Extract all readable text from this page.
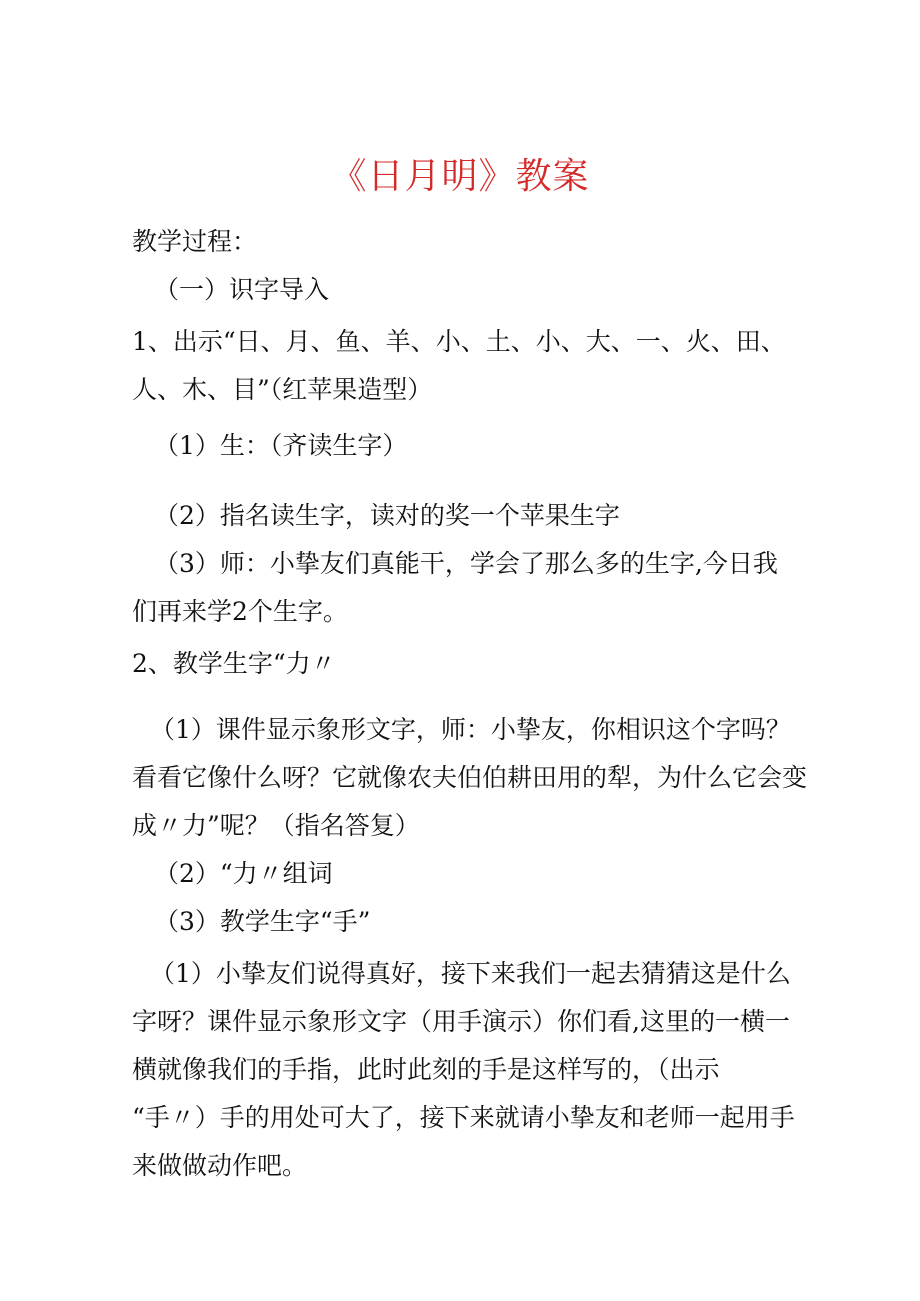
《日月明》教案
教学过程：
（一）识字导入
1、出示“日、月、鱼、羊、小、土、小、大、一、火、田、
人、木、目”（红苹果造型）
（1）生：（齐读生字）
（2）指名读生字，读对的奖一个苹果生字
（3）师：小挚友们真能干，学会了那么多的生字,今日我
们再来学2个生字。
2、教学生字“力〃
（1）课件显示象形文字，师：小挚友，你相识这个字吗？
看看它像什么呀？它就像农夫伯伯耕田用的犁，为什么它会变
成〃力”呢？（指名答复）
（2）“力〃组词
（3）教学生字“手”
（1）小挚友们说得真好，接下来我们一起去猜猜这是什么
字呀？课件显示象形文字（用手演示）你们看,这里的一横一
横就像我们的手指，此时此刻的手是这样写的，（出示
“手〃）手的用处可大了，接下来就请小挚友和老师一起用手
来做做动作吧。
